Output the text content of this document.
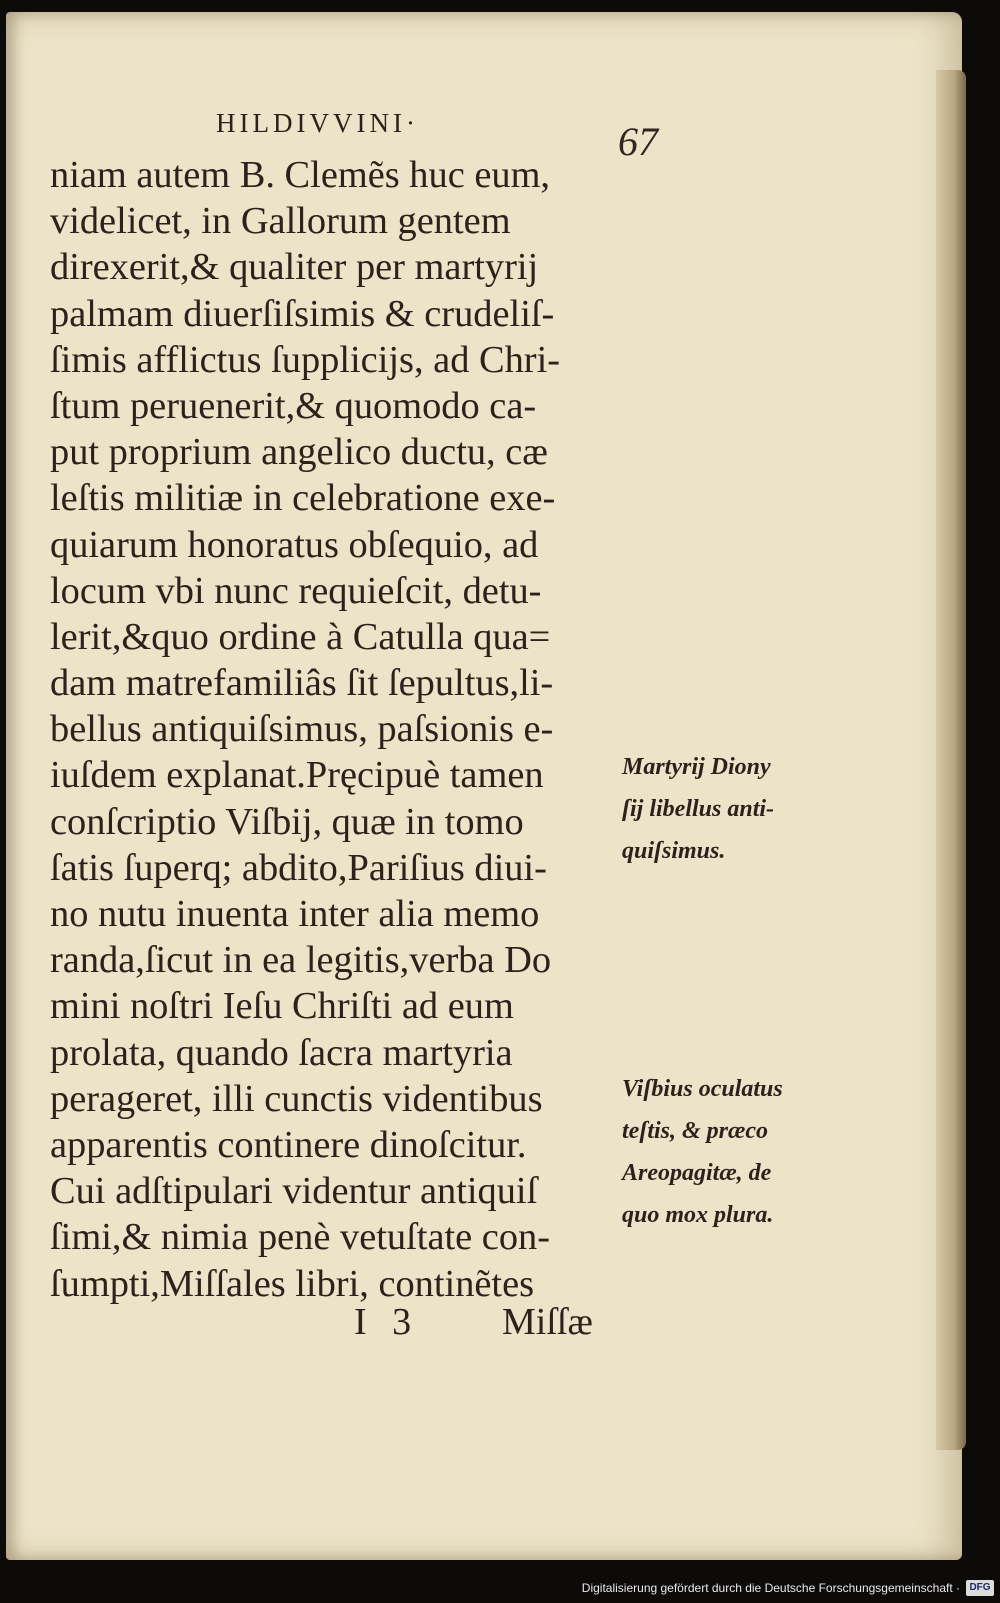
HILDIVVINI·	67
niam autem B. Clemẽs huc eum,
videlicet, in Gallorum gentem
direxerit,& qualiter per martyrij
palmam diuerſiſsimis & crudeliſ-
ſimis afflictus ſupplicijs, ad Chri-
ſtum peruenerit,& quomodo ca-
put proprium angelico ductu, cæ
leſtis militiæ in celebratione exe-
quiarum honoratus obſequio, ad
locum vbi nunc requieſcit, detu-
lerit,&quo ordine à Catulla qua=
dam matrefamiliâs ſit ſepultus,li-
bellus antiquiſsimus, paſsionis e-
iuſdem explanat.Pręcipuè tamen
conſcriptio Viſbij, quæ in tomo
ſatis ſuperq; abdito,Pariſius diui-
no nutu inuenta inter alia memo
randa,ſicut in ea legitis,verba Do
mini noſtri Ieſu Chriſti ad eum
prolata, quando ſacra martyria
perageret, illi cunctis videntibus
apparentis continere dinoſcitur.
Cui adſtipulari videntur antiquiſ
ſimi,& nimia penè vetuſtate con-
ſumpti,Miſſales libri, continẽtes
Martyrij Diony
ſij libellus anti-
quiſsimus.
Viſbius oculatus
teſtis, & præco
Areopagitæ, de
quo mox plura.
I 3 Miſſæ
Digitalisierung gefördert durch die Deutsche Forschungsgemeinschaft · DFG
